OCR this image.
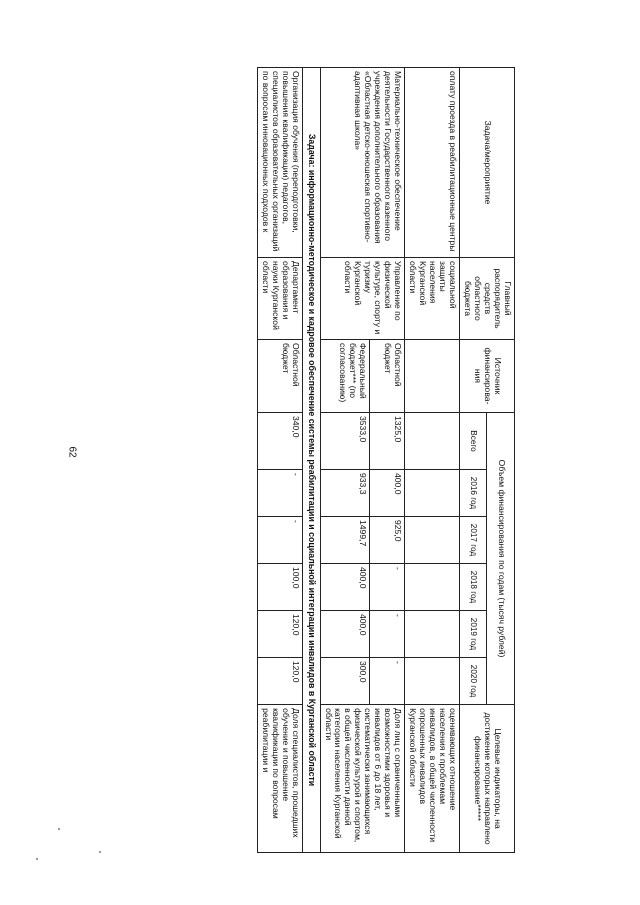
62
Задача/мероприятие	Главный распорядитель средств областного бюджета	Источник финансирова-ния	Объем финансирования по годам (тысяч рублей)						Целевые индикаторы, на достижение которых направлено финансирование*****
			Всего	2016 год	2017 год	2018 год	2019 год	2020 год	
оплату проезда в реабилитационные центры	социальной защиты населения Курганской области								оценивающих отношение населения к проблемам инвалидов, в общей численности опрошенных инвалидов Курганской области
Материально-техническое обеспечение деятельности Государственного казенного учреждения дополнительного образования «Областная детско-юношеская спортивно-адаптивная школа»	Управление по физической культуре, спорту и туризму Курганской области	Областной бюджет	1325,0	400,0	925,0	-	-	-	Доля лиц с ограниченными возможностями здоровья и инвалидов от 6 до 18 лет, систематически занимающихся физической культурой и спортом, в общей численности данной категории населения Курганской области
		Федеральный бюджет*** (по согласованию)	3533,0	933,3	1499,7	400,0	400,0	300,0	
Задача: информационно-методическое и кадровое обеспечение системы реабилитации и социальной интеграции инвалидов в Курганской области									
Организация обучения (переподготовки, повышения квалификации) педагогов, специалистов образовательных организаций по вопросам инновационных подходов к	Департамент образования и науки Курганской области	Областной бюджет	340,0	-	-	100,0	120,0	120,0	Доля специалистов, прошедших обучение и повышение квалификации по вопросам реабилитации и
